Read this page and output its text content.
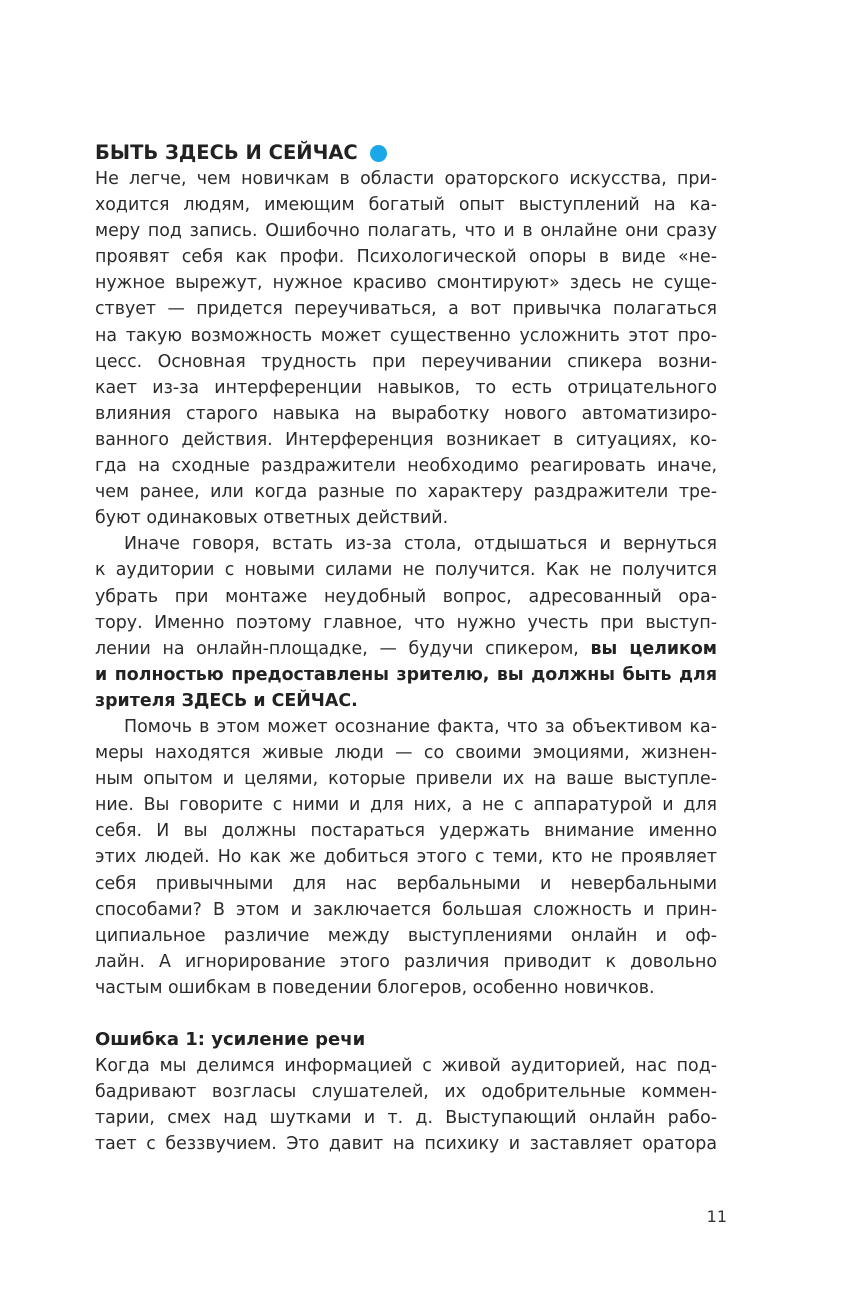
БЫТЬ ЗДЕСЬ И СЕЙЧАС

Не легче, чем новичкам в области ораторского искусства, при-
ходится людям, имеющим богатый опыт выступлений на ка-
меру под запись. Ошибочно полагать, что и в онлайне они сразу
проявят себя как профи. Психологической опоры в виде «не-
нужное вырежут, нужное красиво смонтируют» здесь не суще-
ствует — придется переучиваться, а вот привычка полагаться
на такую возможность может существенно усложнить этот про-
цесс. Основная трудность при переучивании спикера возни-
кает из-за интерференции навыков, то есть отрицательного
влияния старого навыка на выработку нового автоматизиро-
ванного действия. Интерференция возникает в ситуациях, ко-
гда на сходные раздражители необходимо реагировать иначе,
чем ранее, или когда разные по характеру раздражители тре-
буют одинаковых ответных действий.

Иначе говоря, встать из-за стола, отдышаться и вернуться
к аудитории с новыми силами не получится. Как не получится
убрать при монтаже неудобный вопрос, адресованный ора-
тору. Именно поэтому главное, что нужно учесть при выступ-
лении на онлайн-площадке, — будучи спикером, вы целиком
и полностью предоставлены зрителю, вы должны быть для
зрителя ЗДЕСЬ и СЕЙЧАС.

Помочь в этом может осознание факта, что за объективом ка-
меры находятся живые люди — со своими эмоциями, жизнен-
ным опытом и целями, которые привели их на ваше выступле-
ние. Вы говорите с ними и для них, а не с аппаратурой и для
себя. И вы должны постараться удержать внимание именно
этих людей. Но как же добиться этого с теми, кто не проявляет
себя привычными для нас вербальными и невербальными
способами? В этом и заключается большая сложность и прин-
ципиальное различие между выступлениями онлайн и оф-
лайн. А игнорирование этого различия приводит к довольно
частым ошибкам в поведении блогеров, особенно новичков.

Ошибка 1: усиление речи

Когда мы делимся информацией с живой аудиторией, нас под-
бадривают возгласы слушателей, их одобрительные коммен-
тарии, смех над шутками и т. д. Выступающий онлайн рабо-
тает с беззвучием. Это давит на психику и заставляет оратора

11
